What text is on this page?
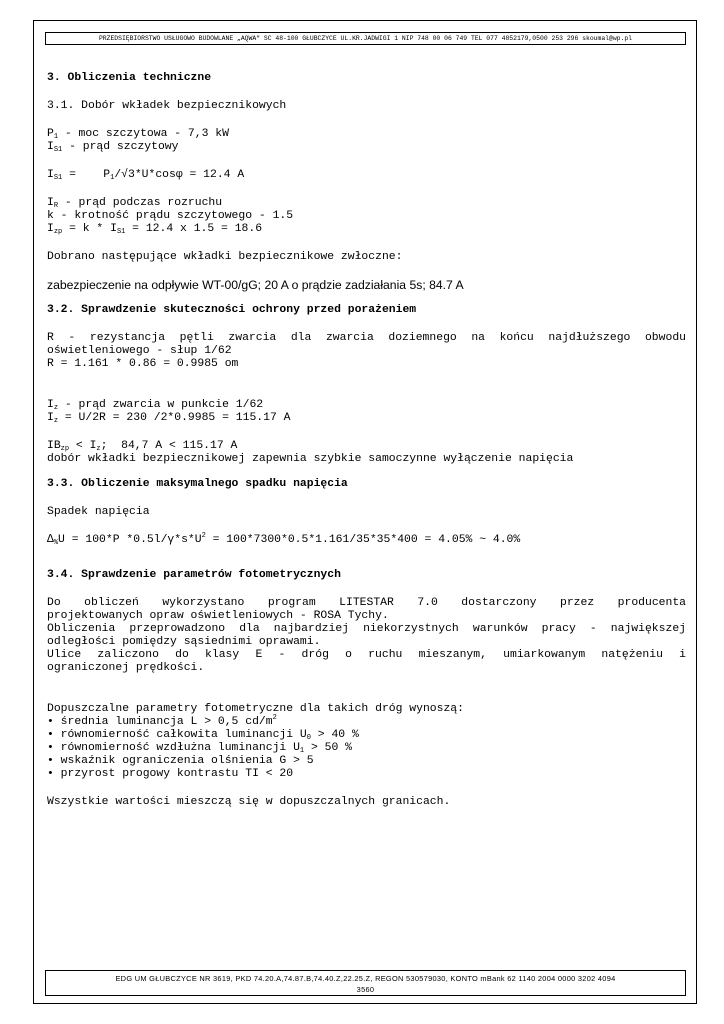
PRZEDSIĘBIORSTWO USŁUGOWO BUDOWLANE „AQWA” SC 48-100 GŁUBCZYCE UL.KR.JADWIGI 1 NIP 748 00 06 749 TEL 077 4852179,0500 253 296 skoumal@wp.pl

3. Obliczenia techniczne

3.1. Dobór wkładek bezpiecznikowych

$P_1$ - moc szczytowa - 7,3 kW

$I_{S1}$ - prąd szczytowy

$I_{S1}$ =    $P_1/√3*U*\cos\varphi = 12.4$ A

$I_R$ - prąd podczas rozruchu

k - krotność prądu szczytowego - 1.5

$I_{zp} = k * I_{S1} = 12.4$ x 1.5 = 18.6

Dobrano następujące wkładki bezpiecznikowe zwłoczne:

zabezpieczenie na odpływie WT-00/gG; 20 A o prądzie zadziałania 5s; 84.7 A

3.2. Sprawdzenie skuteczności ochrony przed porażeniem

R - rezystancja pętli zwarcia dla zwarcia doziemnego na końcu najdłuższego obwodu

oświetleniowego - słup 1/62

R = 1.161 * 0.86 = 0.9985 om

$I_z$ - prąd zwarcia w punkcie 1/62

$I_z = U/2R = 230$ /2*0.9985 = 115.17 A

$IB_{zp} < I_z$;  84,7 A < 115.17 A

dobór wkładki bezpiecznikowej zapewnia szybkie samoczynne wyłączenie napięcia

3.3. Obliczenie maksymalnego spadku napięcia

Spadek napięcia

$\Delta_{\%}U = 100*P$ $*0.5l/\gamma*s*U^2 = 100*7300*0.5*1.161/35*35*400 = 4.05\%$ ~ 4.0%

3.4. Sprawdzenie parametrów fotometrycznych

Do obliczeń wykorzystano program LITESTAR 7.0 dostarczony przez producenta

projektowanych opraw oświetleniowych - ROSA Tychy.

Obliczenia przeprowadzono dla najbardziej niekorzystnych warunków pracy - największej

odległości pomiędzy sąsiednimi oprawami.

Ulice zaliczono do klasy E - dróg o ruchu mieszanym, umiarkowanym natężeniu i

ograniczonej prędkości.

Dopuszczalne parametry fotometryczne dla takich dróg wynoszą:

• średnia luminancja L > 0,5 $cd/m^2$

• równomierność całkowita luminancji $U_0 > 40$ %

• równomierność wzdłużna luminancji $U_1 > 50$ %

• wskaźnik ograniczenia olśnienia G > 5

• przyrost progowy kontrastu TI < 20

Wszystkie wartości mieszczą się w dopuszczalnych granicach.

EDG UM GŁUBCZYCE NR 3619, PKD 74.20.A,74.87.B,74.40.Z,22.25.Z, REGON 530579030, KONTO mBank 62 1140 2004 0000 3202 4094
3560
